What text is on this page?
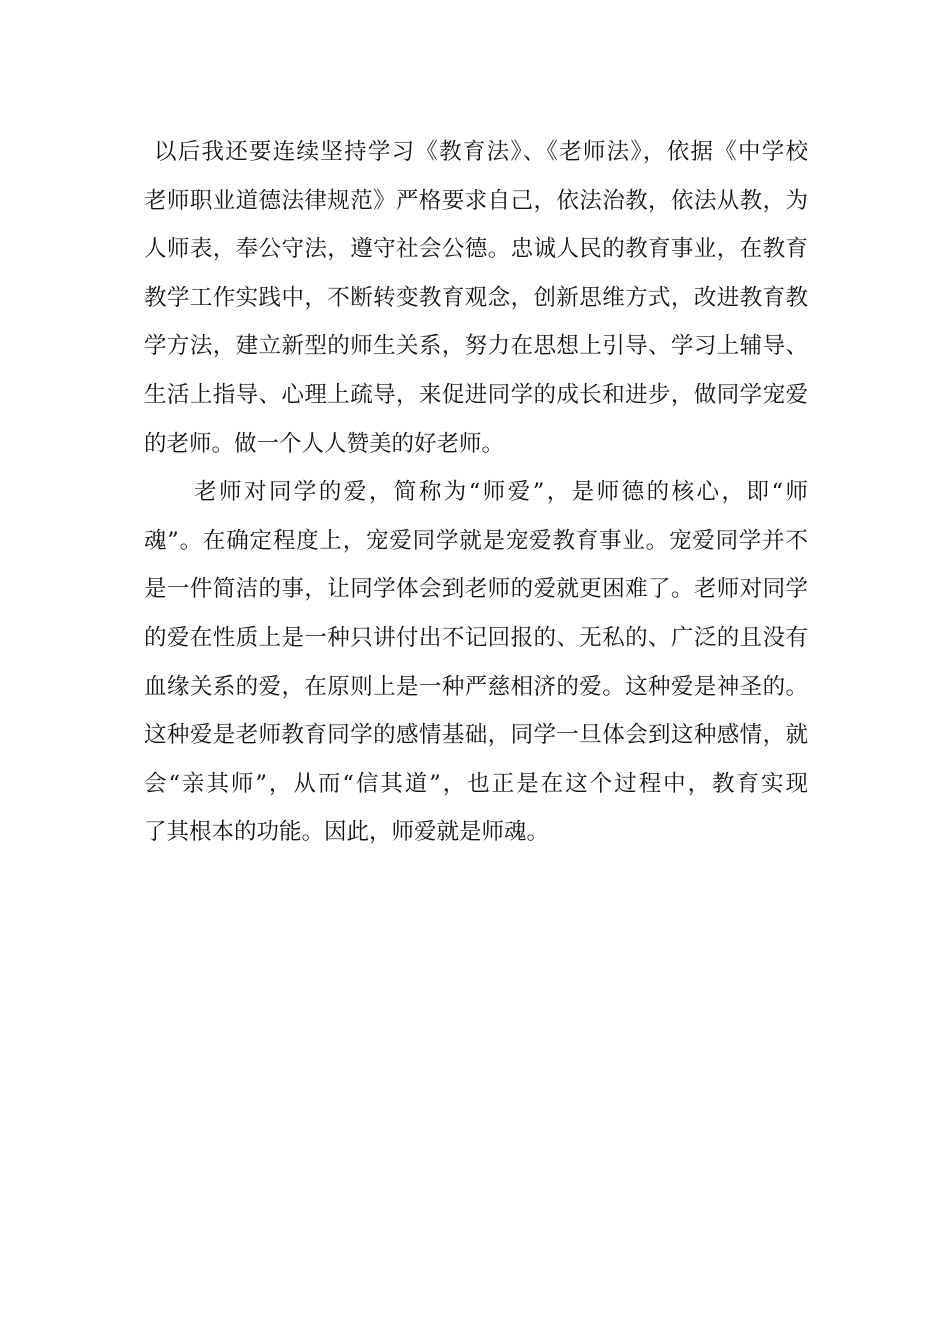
以后我还要连续坚持学习《教育法》、《老师法》，依据《中学校
老师职业道德法律规范》严格要求自己，依法治教，依法从教，为
人师表，奉公守法，遵守社会公德。忠诚人民的教育事业，在教育
教学工作实践中，不断转变教育观念，创新思维方式，改进教育教
学方法，建立新型的师生关系，努力在思想上引导、学习上辅导、
生活上指导、心理上疏导，来促进同学的成长和进步，做同学宠爱
的老师。做一个人人赞美的好老师。
老师对同学的爱，简称为“师爱”，是师德的核心，即“师
魂”。在确定程度上，宠爱同学就是宠爱教育事业。宠爱同学并不
是一件简洁的事，让同学体会到老师的爱就更困难了。老师对同学
的爱在性质上是一种只讲付出不记回报的、无私的、广泛的且没有
血缘关系的爱，在原则上是一种严慈相济的爱。这种爱是神圣的。
这种爱是老师教育同学的感情基础，同学一旦体会到这种感情，就
会“亲其师”，从而“信其道”，也正是在这个过程中，教育实现
了其根本的功能。因此，师爱就是师魂。
